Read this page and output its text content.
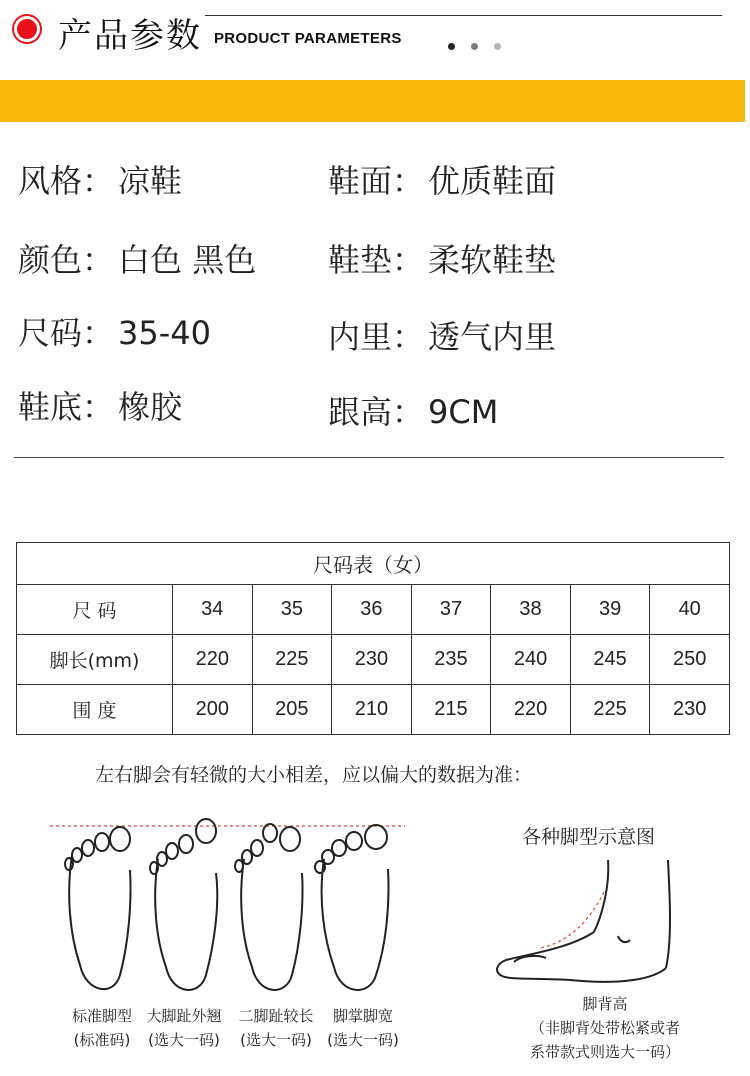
产品参数 PRODUCT PARAMETERS
风格： 凉鞋	鞋面： 优质鞋面
颜色： 白色 黑色 鞋垫： 柔软鞋垫
尺码： 35-40	内里： 透气内里
鞋底： 橡胶	跟高： 9CM
尺码表（女）							
尺 码	34	35	36	37	38	39	40
脚长(mm)	220	225	230	235	240	245	250
围 度	200	205	210	215	220	225	230
左右脚会有轻微的大小相差，应以偏大的数据为准：
标准脚型
(标准码)
大脚趾外翘
(选大一码)
二脚趾较长
(选大一码)
脚掌脚宽
(选大一码)
各种脚型示意图
脚背高
（非脚背处带松紧或者
系带款式则选大一码）
